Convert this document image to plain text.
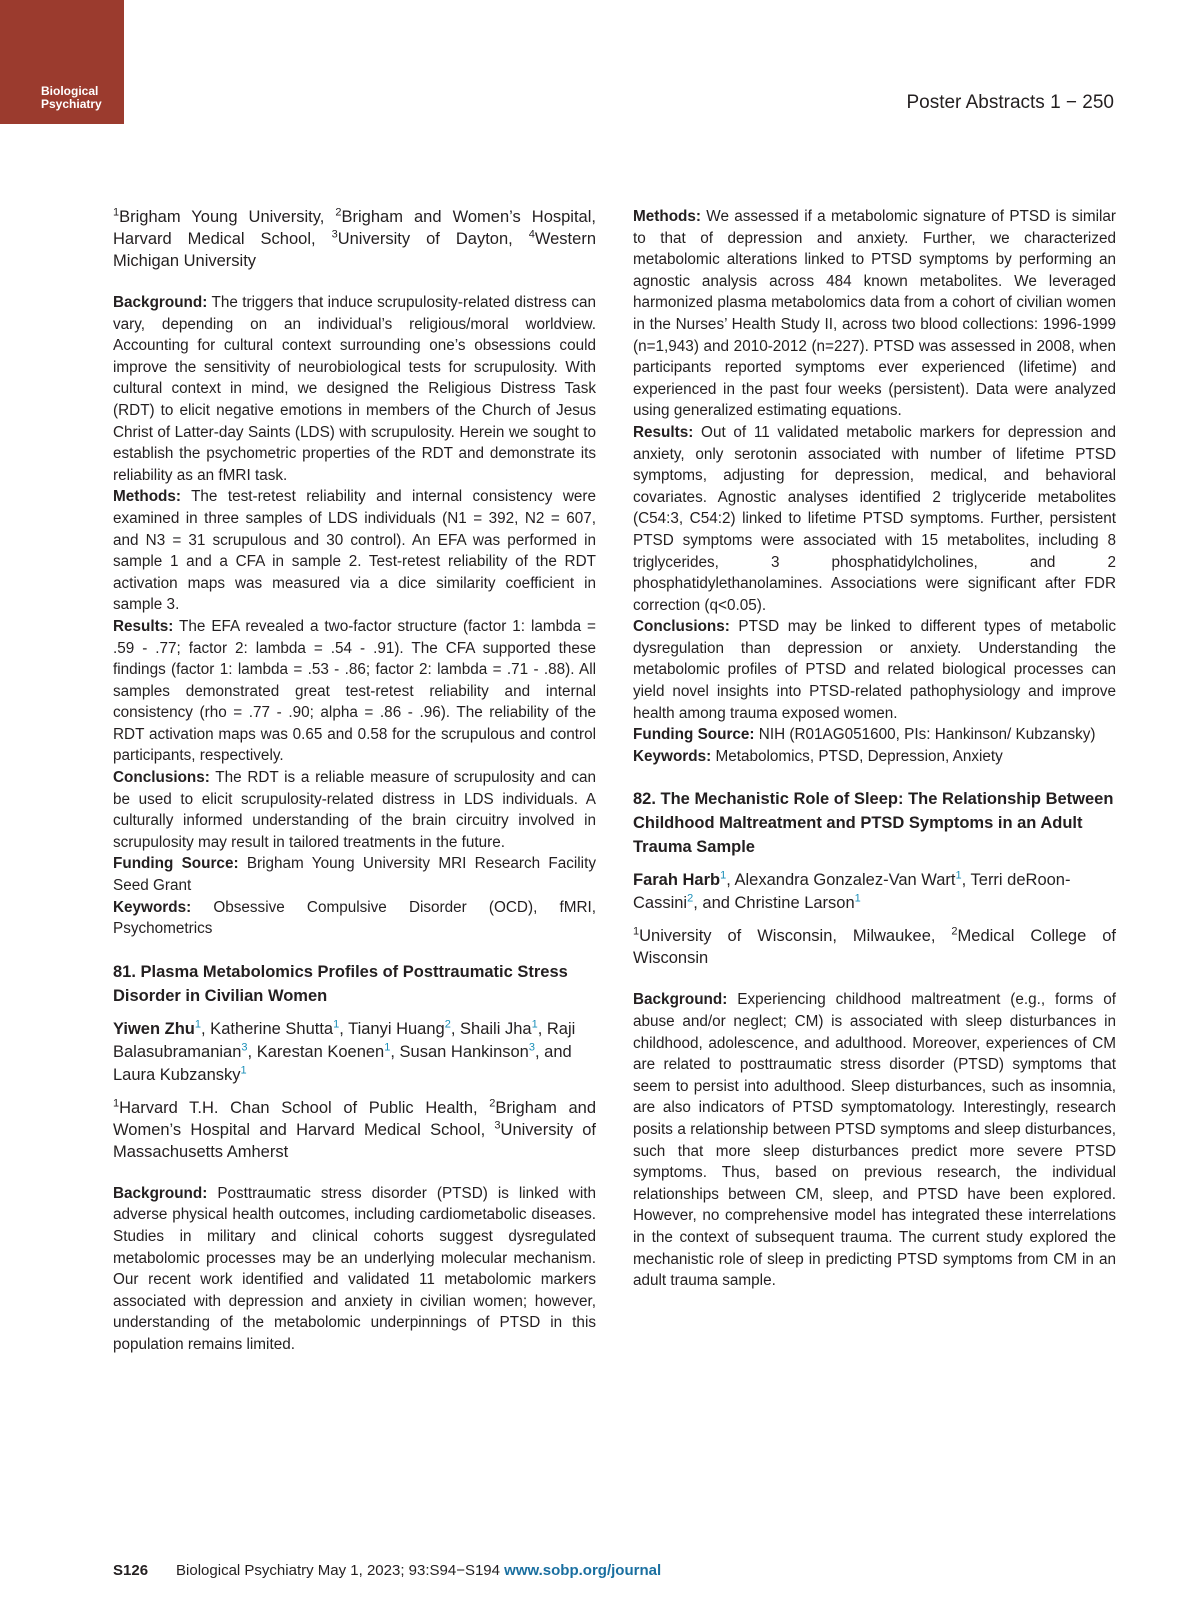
Biological
Psychiatry	Poster Abstracts 1 − 250

$^1$Brigham Young University, $^2$Brigham and Women’s Hospital, Harvard Medical School, $^3$University of Dayton, $^4$Western Michigan University

Background: The triggers that induce scrupulosity-related distress can vary, depending on an individual’s religious/moral worldview. Accounting for cultural context surrounding one’s obsessions could improve the sensitivity of neurobiological tests for scrupulosity. With cultural context in mind, we designed the Religious Distress Task (RDT) to elicit negative emotions in members of the Church of Jesus Christ of Latter-day Saints (LDS) with scrupulosity. Herein we sought to establish the psychometric properties of the RDT and demonstrate its reliability as an fMRI task.

Methods: The test-retest reliability and internal consistency were examined in three samples of LDS individuals (N1 = 392, N2 = 607, and N3 = 31 scrupulous and 30 control). An EFA was performed in sample 1 and a CFA in sample 2. Test-retest reliability of the RDT activation maps was measured via a dice similarity coefficient in sample 3.

Results: The EFA revealed a two-factor structure (factor 1: lambda = .59 - .77; factor 2: lambda = .54 - .91). The CFA supported these findings (factor 1: lambda = .53 - .86; factor 2: lambda = .71 - .88). All samples demonstrated great test-retest reliability and internal consistency (rho = .77 - .90; alpha = .86 - .96). The reliability of the RDT activation maps was 0.65 and 0.58 for the scrupulous and control participants, respectively.

Conclusions: The RDT is a reliable measure of scrupulosity and can be used to elicit scrupulosity-related distress in LDS individuals. A culturally informed understanding of the brain circuitry involved in scrupulosity may result in tailored treatments in the future.

Funding Source: Brigham Young University MRI Research Facility Seed Grant

Keywords: Obsessive Compulsive Disorder (OCD), fMRI, Psychometrics

81. Plasma Metabolomics Profiles of Posttraumatic Stress Disorder in Civilian Women

Yiwen Zhu$^1$, Katherine Shutta$^1$, Tianyi Huang$^2$, Shaili Jha$^1$, Raji Balasubramanian$^3$, Karestan Koenen$^1$, Susan Hankinson$^3$, and Laura Kubzansky$^1$

$^1$Harvard T.H. Chan School of Public Health, $^2$Brigham and Women’s Hospital and Harvard Medical School, $^3$University of Massachusetts Amherst

Background: Posttraumatic stress disorder (PTSD) is linked with adverse physical health outcomes, including cardiometabolic diseases. Studies in military and clinical cohorts suggest dysregulated metabolomic processes may be an underlying molecular mechanism. Our recent work identified and validated 11 metabolomic markers associated with depression and anxiety in civilian women; however, understanding of the metabolomic underpinnings of PTSD in this population remains limited.

Methods: We assessed if a metabolomic signature of PTSD is similar to that of depression and anxiety. Further, we characterized metabolomic alterations linked to PTSD symptoms by performing an agnostic analysis across 484 known metabolites. We leveraged harmonized plasma metabolomics data from a cohort of civilian women in the Nurses’ Health Study II, across two blood collections: 1996-1999 (n=1,943) and 2010-2012 (n=227). PTSD was assessed in 2008, when participants reported symptoms ever experienced (lifetime) and experienced in the past four weeks (persistent). Data were analyzed using generalized estimating equations.

Results: Out of 11 validated metabolic markers for depression and anxiety, only serotonin associated with number of lifetime PTSD symptoms, adjusting for depression, medical, and behavioral covariates. Agnostic analyses identified 2 triglyceride metabolites (C54:3, C54:2) linked to lifetime PTSD symptoms. Further, persistent PTSD symptoms were associated with 15 metabolites, including 8 triglycerides, 3 phosphatidylcholines, and 2 phosphatidylethanolamines. Associations were significant after FDR correction (q<0.05).

Conclusions: PTSD may be linked to different types of metabolic dysregulation than depression or anxiety. Understanding the metabolomic profiles of PTSD and related biological processes can yield novel insights into PTSD-related pathophysiology and improve health among trauma exposed women.

Funding Source: NIH (R01AG051600, PIs: Hankinson/ Kubzansky)

Keywords: Metabolomics, PTSD, Depression, Anxiety

82. The Mechanistic Role of Sleep: The Relationship Between Childhood Maltreatment and PTSD Symptoms in an Adult Trauma Sample

Farah Harb$^1$, Alexandra Gonzalez-Van Wart$^1$, Terri deRoon-Cassini$^2$, and Christine Larson$^1$

$^1$University of Wisconsin, Milwaukee, $^2$Medical College of Wisconsin

Background: Experiencing childhood maltreatment (e.g., forms of abuse and/or neglect; CM) is associated with sleep disturbances in childhood, adolescence, and adulthood. Moreover, experiences of CM are related to posttraumatic stress disorder (PTSD) symptoms that seem to persist into adulthood. Sleep disturbances, such as insomnia, are also indicators of PTSD symptomatology. Interestingly, research posits a relationship between PTSD symptoms and sleep disturbances, such that more sleep disturbances predict more severe PTSD symptoms. Thus, based on previous research, the individual relationships between CM, sleep, and PTSD have been explored. However, no comprehensive model has integrated these interrelations in the context of subsequent trauma. The current study explored the mechanistic role of sleep in predicting PTSD symptoms from CM in an adult trauma sample.

S126 Biological Psychiatry May 1, 2023; 93:S94−S194 www.sobp.org/journal
